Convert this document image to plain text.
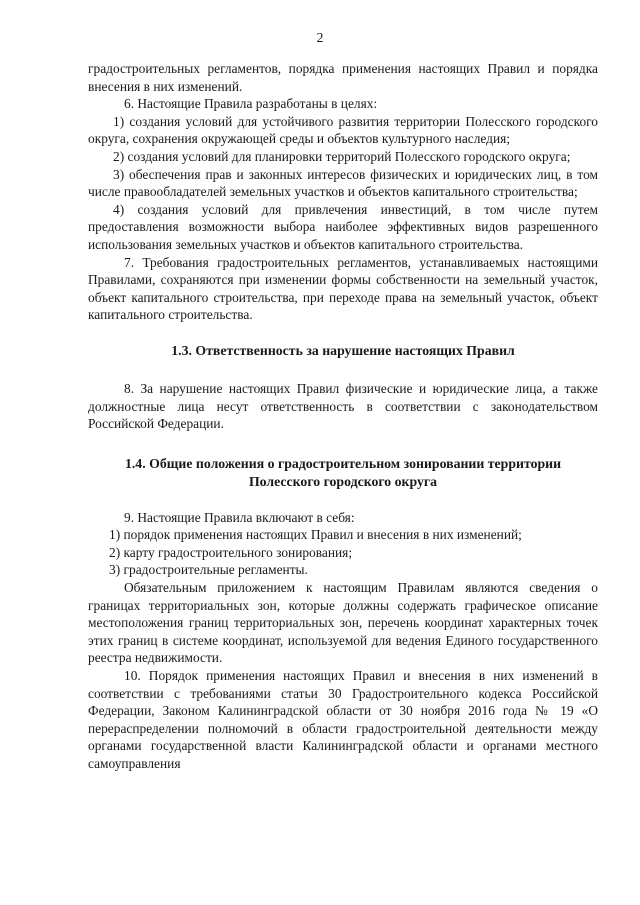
2

градостроительных регламентов, порядка применения настоящих Правил и порядка внесения в них изменений.

6. Настоящие Правила разработаны в целях:

1) создания условий для устойчивого развития территории Полесского городского округа, сохранения окружающей среды и объектов культурного наследия;

2) создания условий для планировки территорий Полесского городского округа;

3) обеспечения прав и законных интересов физических и юридических лиц, в том числе правообладателей земельных участков и объектов капитального строительства;

4) создания условий для привлечения инвестиций, в том числе путем предоставления возможности выбора наиболее эффективных видов разрешенного использования земельных участков и объектов капитального строительства.

7. Требования градостроительных регламентов, устанавливаемых настоящими Правилами, сохраняются при изменении формы собственности на земельный участок, объект капитального строительства, при переходе права на земельный участок, объект капитального строительства.

1.3. Ответственность за нарушение настоящих Правил

8. За нарушение настоящих Правил физические и юридические лица, а также должностные лица несут ответственность в соответствии с законодательством Российской Федерации.

1.4. Общие положения о градостроительном зонировании территории
Полесского городского округа

9. Настоящие Правила включают в себя:

1) порядок применения настоящих Правил и внесения в них изменений;

2) карту градостроительного зонирования;

3) градостроительные регламенты.

Обязательным приложением к настоящим Правилам являются сведения о границах территориальных зон, которые должны содержать графическое описание местоположения границ территориальных зон, перечень координат характерных точек этих границ в системе координат, используемой для ведения Единого государственного реестра недвижимости.

10. Порядок применения настоящих Правил и внесения в них изменений в соответствии с требованиями статьи 30 Градостроительного кодекса Российской Федерации, Законом Калининградской области от 30 ноября 2016 года № 19 «О перераспределении полномочий в области градостроительной деятельности между органами государственной власти Калининградской области и органами местного самоуправления
